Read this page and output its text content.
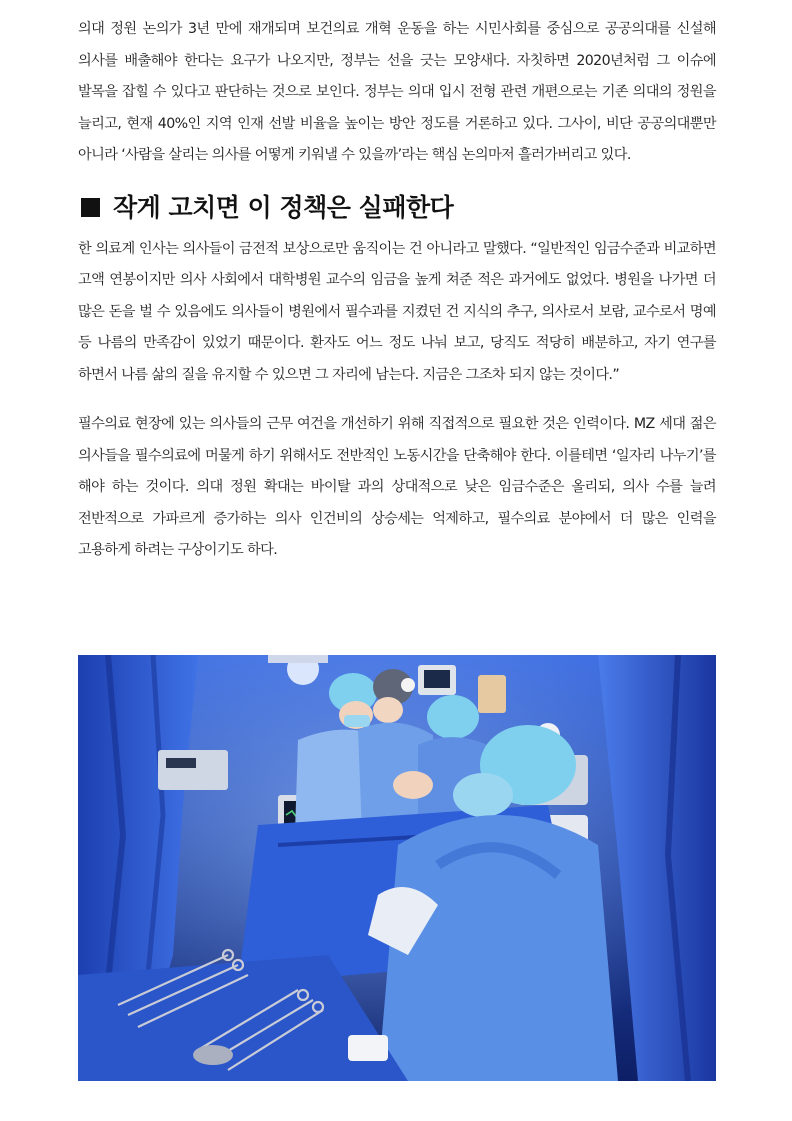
의대 정원 논의가 3년 만에 재개되며 보건의료 개혁 운동을 하는 시민사회를 중심으로 공공의대를 신설해 의사를 배출해야 한다는 요구가 나오지만, 정부는 선을 긋는 모양새다. 자칫하면 2020년처럼 그 이슈에 발목을 잡힐 수 있다고 판단하는 것으로 보인다. 정부는 의대 입시 전형 관련 개편으로는 기존 의대의 정원을 늘리고, 현재 40%인 지역 인재 선발 비율을 높이는 방안 정도를 거론하고 있다. 그사이, 비단 공공의대뿐만 아니라 ‘사람을 살리는 의사를 어떻게 키워낼 수 있을까’라는 핵심 논의마저 흘러가버리고 있다.

작게 고치면 이 정책은 실패한다

한 의료계 인사는 의사들이 금전적 보상으로만 움직이는 건 아니라고 말했다. “일반적인 임금수준과 비교하면 고액 연봉이지만 의사 사회에서 대학병원 교수의 임금을 높게 쳐준 적은 과거에도 없었다. 병원을 나가면 더 많은 돈을 벌 수 있음에도 의사들이 병원에서 필수과를 지켰던 건 지식의 추구, 의사로서 보람, 교수로서 명예 등 나름의 만족감이 있었기 때문이다. 환자도 어느 정도 나눠 보고, 당직도 적당히 배분하고, 자기 연구를 하면서 나름 삶의 질을 유지할 수 있으면 그 자리에 남는다. 지금은 그조차 되지 않는 것이다.”

필수의료 현장에 있는 의사들의 근무 여건을 개선하기 위해 직접적으로 필요한 것은 인력이다. MZ 세대 젊은 의사들을 필수의료에 머물게 하기 위해서도 전반적인 노동시간을 단축해야 한다. 이를테면 ‘일자리 나누기’를 해야 하는 것이다. 의대 정원 확대는 바이탈 과의 상대적으로 낮은 임금수준은 올리되, 의사 수를 늘려 전반적으로 가파르게 증가하는 의사 인건비의 상승세는 억제하고, 필수의료 분야에서 더 많은 인력을 고용하게 하려는 구상이기도 하다.
